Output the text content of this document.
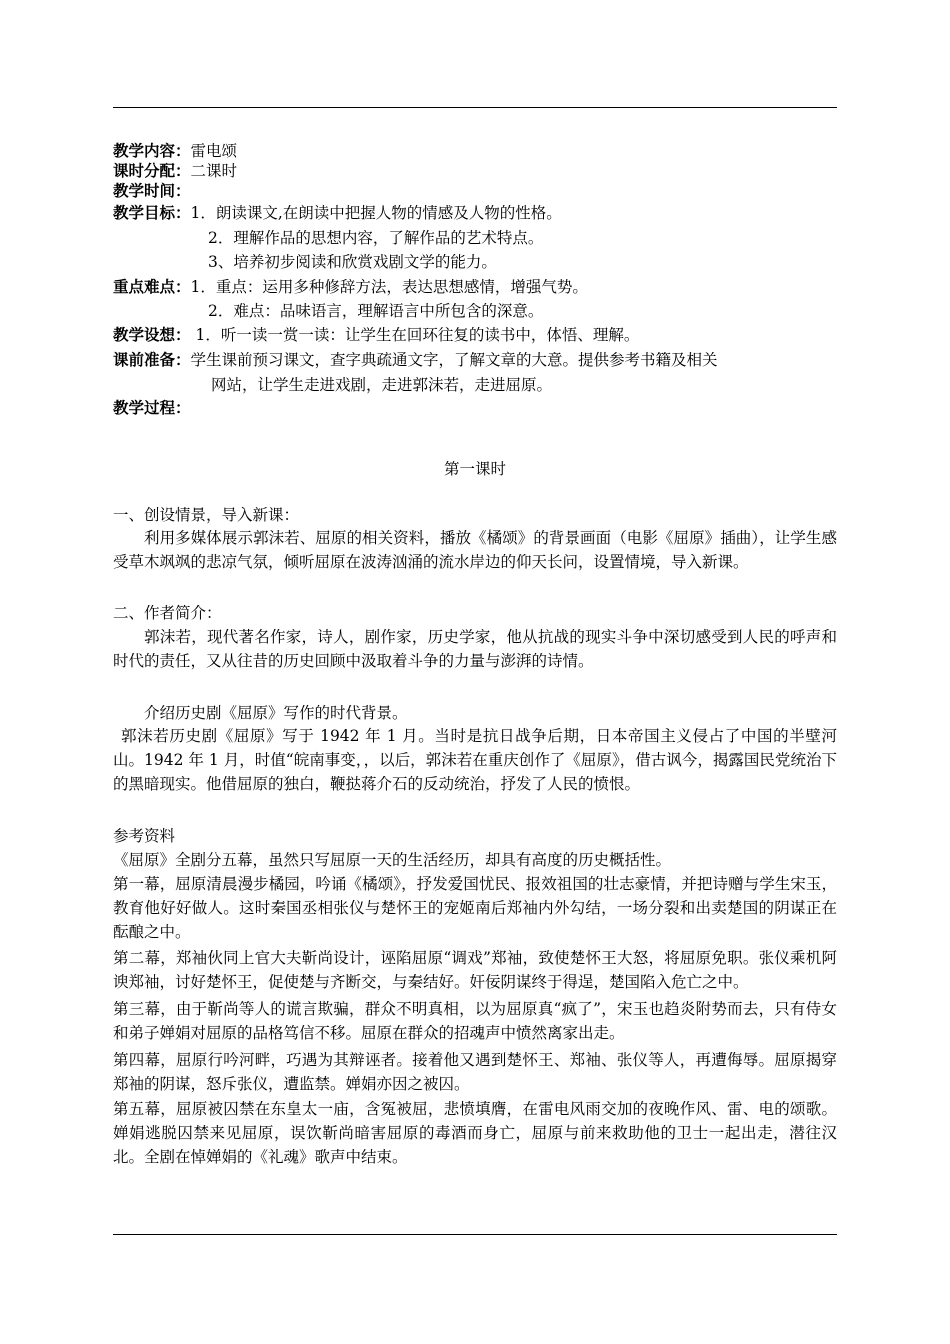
教学内容：雷电颂
课时分配：二课时
教学时间：
教学目标：1．朗读课文,在朗读中把握人物的情感及人物的性格。
2．理解作品的思想内容，了解作品的艺术特点。
3、培养初步阅读和欣赏戏剧文学的能力。
重点难点：1．重点：运用多种修辞方法，表达思想感情，增强气势。
2．难点：品味语言，理解语言中所包含的深意。
教学设想： 1．听一读一赏一读：让学生在回环往复的读书中，体悟、理解。
课前准备：学生课前预习课文，查字典疏通文字，了解文章的大意。提供参考书籍及相关
网站，让学生走进戏剧，走进郭沫若，走进屈原。
教学过程：
第一课时
一、创设情景，导入新课：
利用多媒体展示郭沫若、屈原的相关资料，播放《橘颂》的背景画面（电影《屈原》插曲），让学生感受草木飒飒的悲凉气氛，倾听屈原在波涛汹涌的流水岸边的仰天长问，设置情境，导入新课。
二、作者简介：
郭沫若，现代著名作家，诗人，剧作家，历史学家，他从抗战的现实斗争中深切感受到人民的呼声和时代的责任，又从往昔的历史回顾中汲取着斗争的力量与澎湃的诗情。
介绍历史剧《屈原》写作的时代背景。
郭沫若历史剧《屈原》写于 1942 年 1 月。当时是抗日战争后期，日本帝国主义侵占了中国的半壁河山。1942 年 1 月，时值“皖南事变，，以后，郭沫若在重庆创作了《屈原》，借古讽今，揭露国民党统治下的黑暗现实。他借屈原的独白，鞭挞蒋介石的反动统治，抒发了人民的愤恨。
参考资料
《屈原》全剧分五幕，虽然只写屈原一天的生活经历，却具有高度的历史概括性。
第一幕，屈原清晨漫步橘园，吟诵《橘颂》，抒发爱国忧民、报效祖国的壮志豪情，并把诗赠与学生宋玉，教育他好好做人。这时秦国丞相张仪与楚怀王的宠姬南后郑袖内外勾结，一场分裂和出卖楚国的阴谋正在酝酿之中。
第二幕，郑袖伙同上官大夫靳尚设计，诬陷屈原“调戏”郑袖，致使楚怀王大怒，将屈原免职。张仪乘机阿谀郑袖，讨好楚怀王，促使楚与齐断交，与秦结好。奸佞阴谋终于得逞，楚国陷入危亡之中。
第三幕，由于靳尚等人的谎言欺骗，群众不明真相，以为屈原真“疯了”，宋玉也趋炎附势而去，只有侍女和弟子婵娟对屈原的品格笃信不移。屈原在群众的招魂声中愤然离家出走。
第四幕，屈原行吟河畔，巧遇为其辩诬者。接着他又遇到楚怀王、郑袖、张仪等人，再遭侮辱。屈原揭穿郑袖的阴谋，怒斥张仪，遭监禁。婵娟亦因之被囚。
第五幕，屈原被囚禁在东皇太一庙，含冤被屈，悲愤填膺，在雷电风雨交加的夜晚作风、雷、电的颂歌。婵娟逃脱囚禁来见屈原，误饮靳尚暗害屈原的毒酒而身亡，屈原与前来救助他的卫士一起出走，潜往汉北。全剧在悼婵娟的《礼魂》歌声中结束。
